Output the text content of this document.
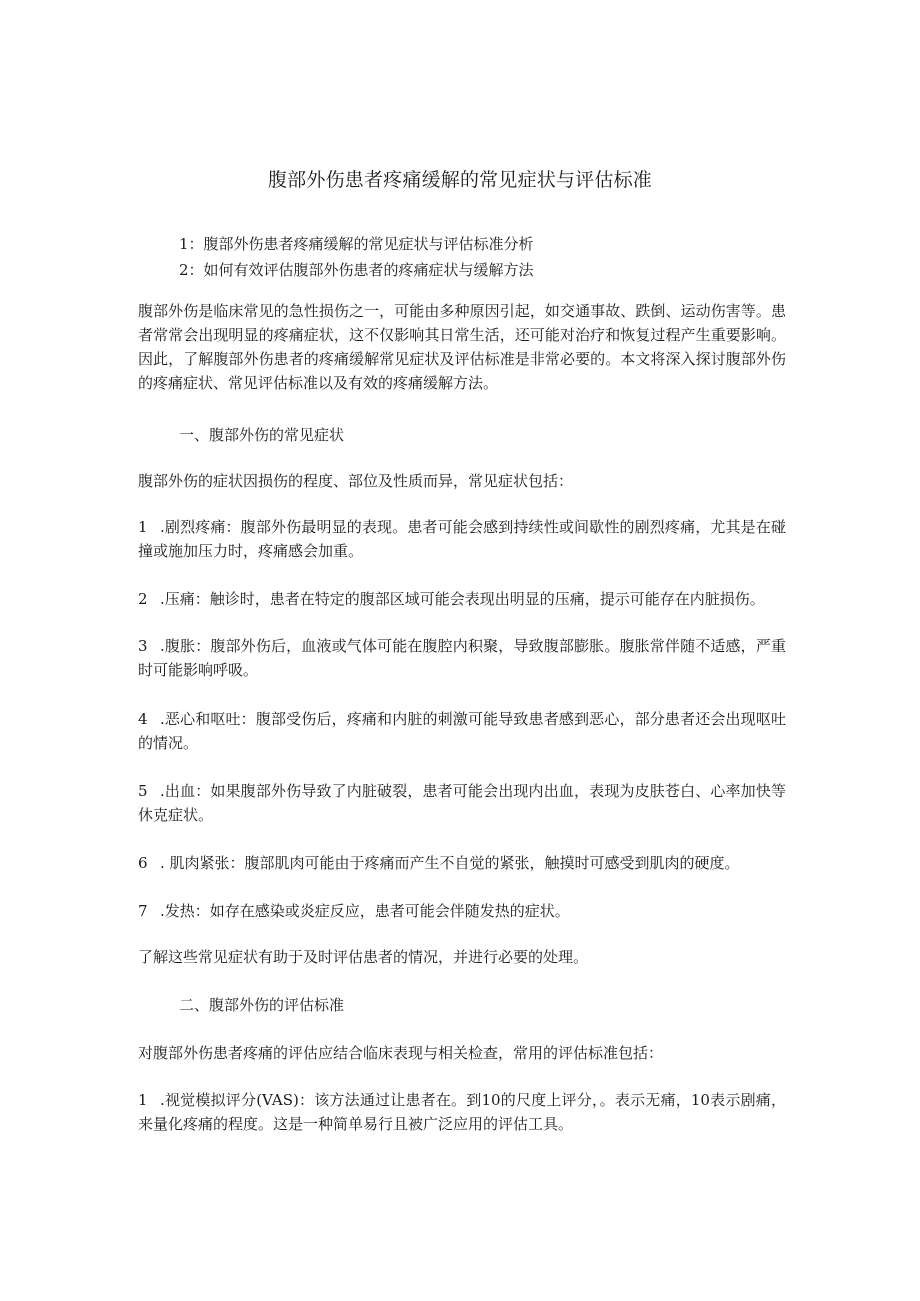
腹部外伤患者疼痛缓解的常见症状与评估标准
1：腹部外伤患者疼痛缓解的常见症状与评估标准分析
2：如何有效评估腹部外伤患者的疼痛症状与缓解方法

腹部外伤是临床常见的急性损伤之一，可能由多种原因引起，如交通事故、跌倒、运动伤害等。患者常常会出现明显的疼痛症状，这不仅影响其日常生活，还可能对治疗和恢复过程产生重要影响。因此，了解腹部外伤患者的疼痛缓解常见症状及评估标准是非常必要的。本文将深入探讨腹部外伤的疼痛症状、常见评估标准以及有效的疼痛缓解方法。

一、腹部外伤的常见症状

腹部外伤的症状因损伤的程度、部位及性质而异，常见症状包括：

1 .剧烈疼痛：腹部外伤最明显的表现。患者可能会感到持续性或间歇性的剧烈疼痛，尤其是在碰撞或施加压力时，疼痛感会加重。

2 .压痛：触诊时，患者在特定的腹部区域可能会表现出明显的压痛，提示可能存在内脏损伤。

3 .腹胀：腹部外伤后，血液或气体可能在腹腔内积聚，导致腹部膨胀。腹胀常伴随不适感，严重时可能影响呼吸。

4 .恶心和呕吐：腹部受伤后，疼痛和内脏的刺激可能导致患者感到恶心，部分患者还会出现呕吐的情况。

5 .出血：如果腹部外伤导致了内脏破裂，患者可能会出现内出血，表现为皮肤苍白、心率加快等休克症状。

6 . 肌肉紧张：腹部肌肉可能由于疼痛而产生不自觉的紧张，触摸时可感受到肌肉的硬度。

7 .发热：如存在感染或炎症反应，患者可能会伴随发热的症状。

了解这些常见症状有助于及时评估患者的情况，并进行必要的处理。

二、腹部外伤的评估标准

对腹部外伤患者疼痛的评估应结合临床表现与相关检查，常用的评估标准包括：

1 .视觉模拟评分(VAS)：该方法通过让患者在。到10的尺度上评分，。表示无痛，10表示剧痛，来量化疼痛的程度。这是一种简单易行且被广泛应用的评估工具。
